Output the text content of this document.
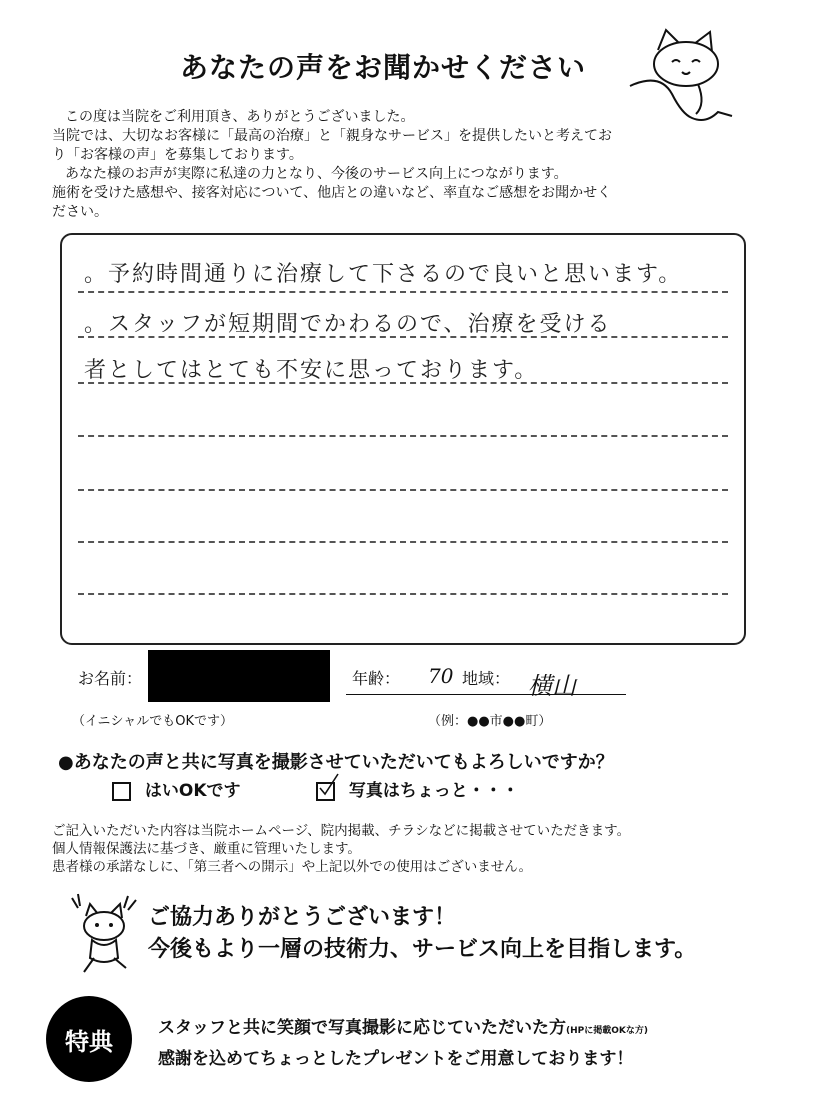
あなたの声をお聞かせください

この度は当院をご利用頂き、ありがとうございました。

当院では、大切なお客様に「最高の治療」と「親身なサービス」を提供したいと考えてお

り「お客様の声」を募集しております。

あなた様のお声が実際に私達の力となり、今後のサービス向上につながります。

施術を受けた感想や、接客対応について、他店との違いなど、率直なご感想をお聞かせく

ださい。

。予約時間通りに治療して下さるので良いと思います。
。スタッフが短期間でかわるので、治療を受ける
者としてはとても不安に思っております。
お名前：
（イニシャルでもOKです）
年齢： 70 地域： 横山
（例：●●市●●町）
●あなたの声と共に写真を撮影させていただいてもよろしいですか？
はいOKです	写真はちょっと・・・

ご記入いただいた内容は当院ホームページ、院内掲載、チラシなどに掲載させていただきます。

個人情報保護法に基づき、厳重に管理いたします。

患者様の承諾なしに、「第三者への開示」や上記以外での使用はございません。

ご協力ありがとうございます！
今後もより一層の技術力、サービス向上を目指します。
特典	スタッフと共に笑顔で写真撮影に応じていただいた方(HPに掲載OKな方)
感謝を込めてちょっとしたプレゼントをご用意しております！
